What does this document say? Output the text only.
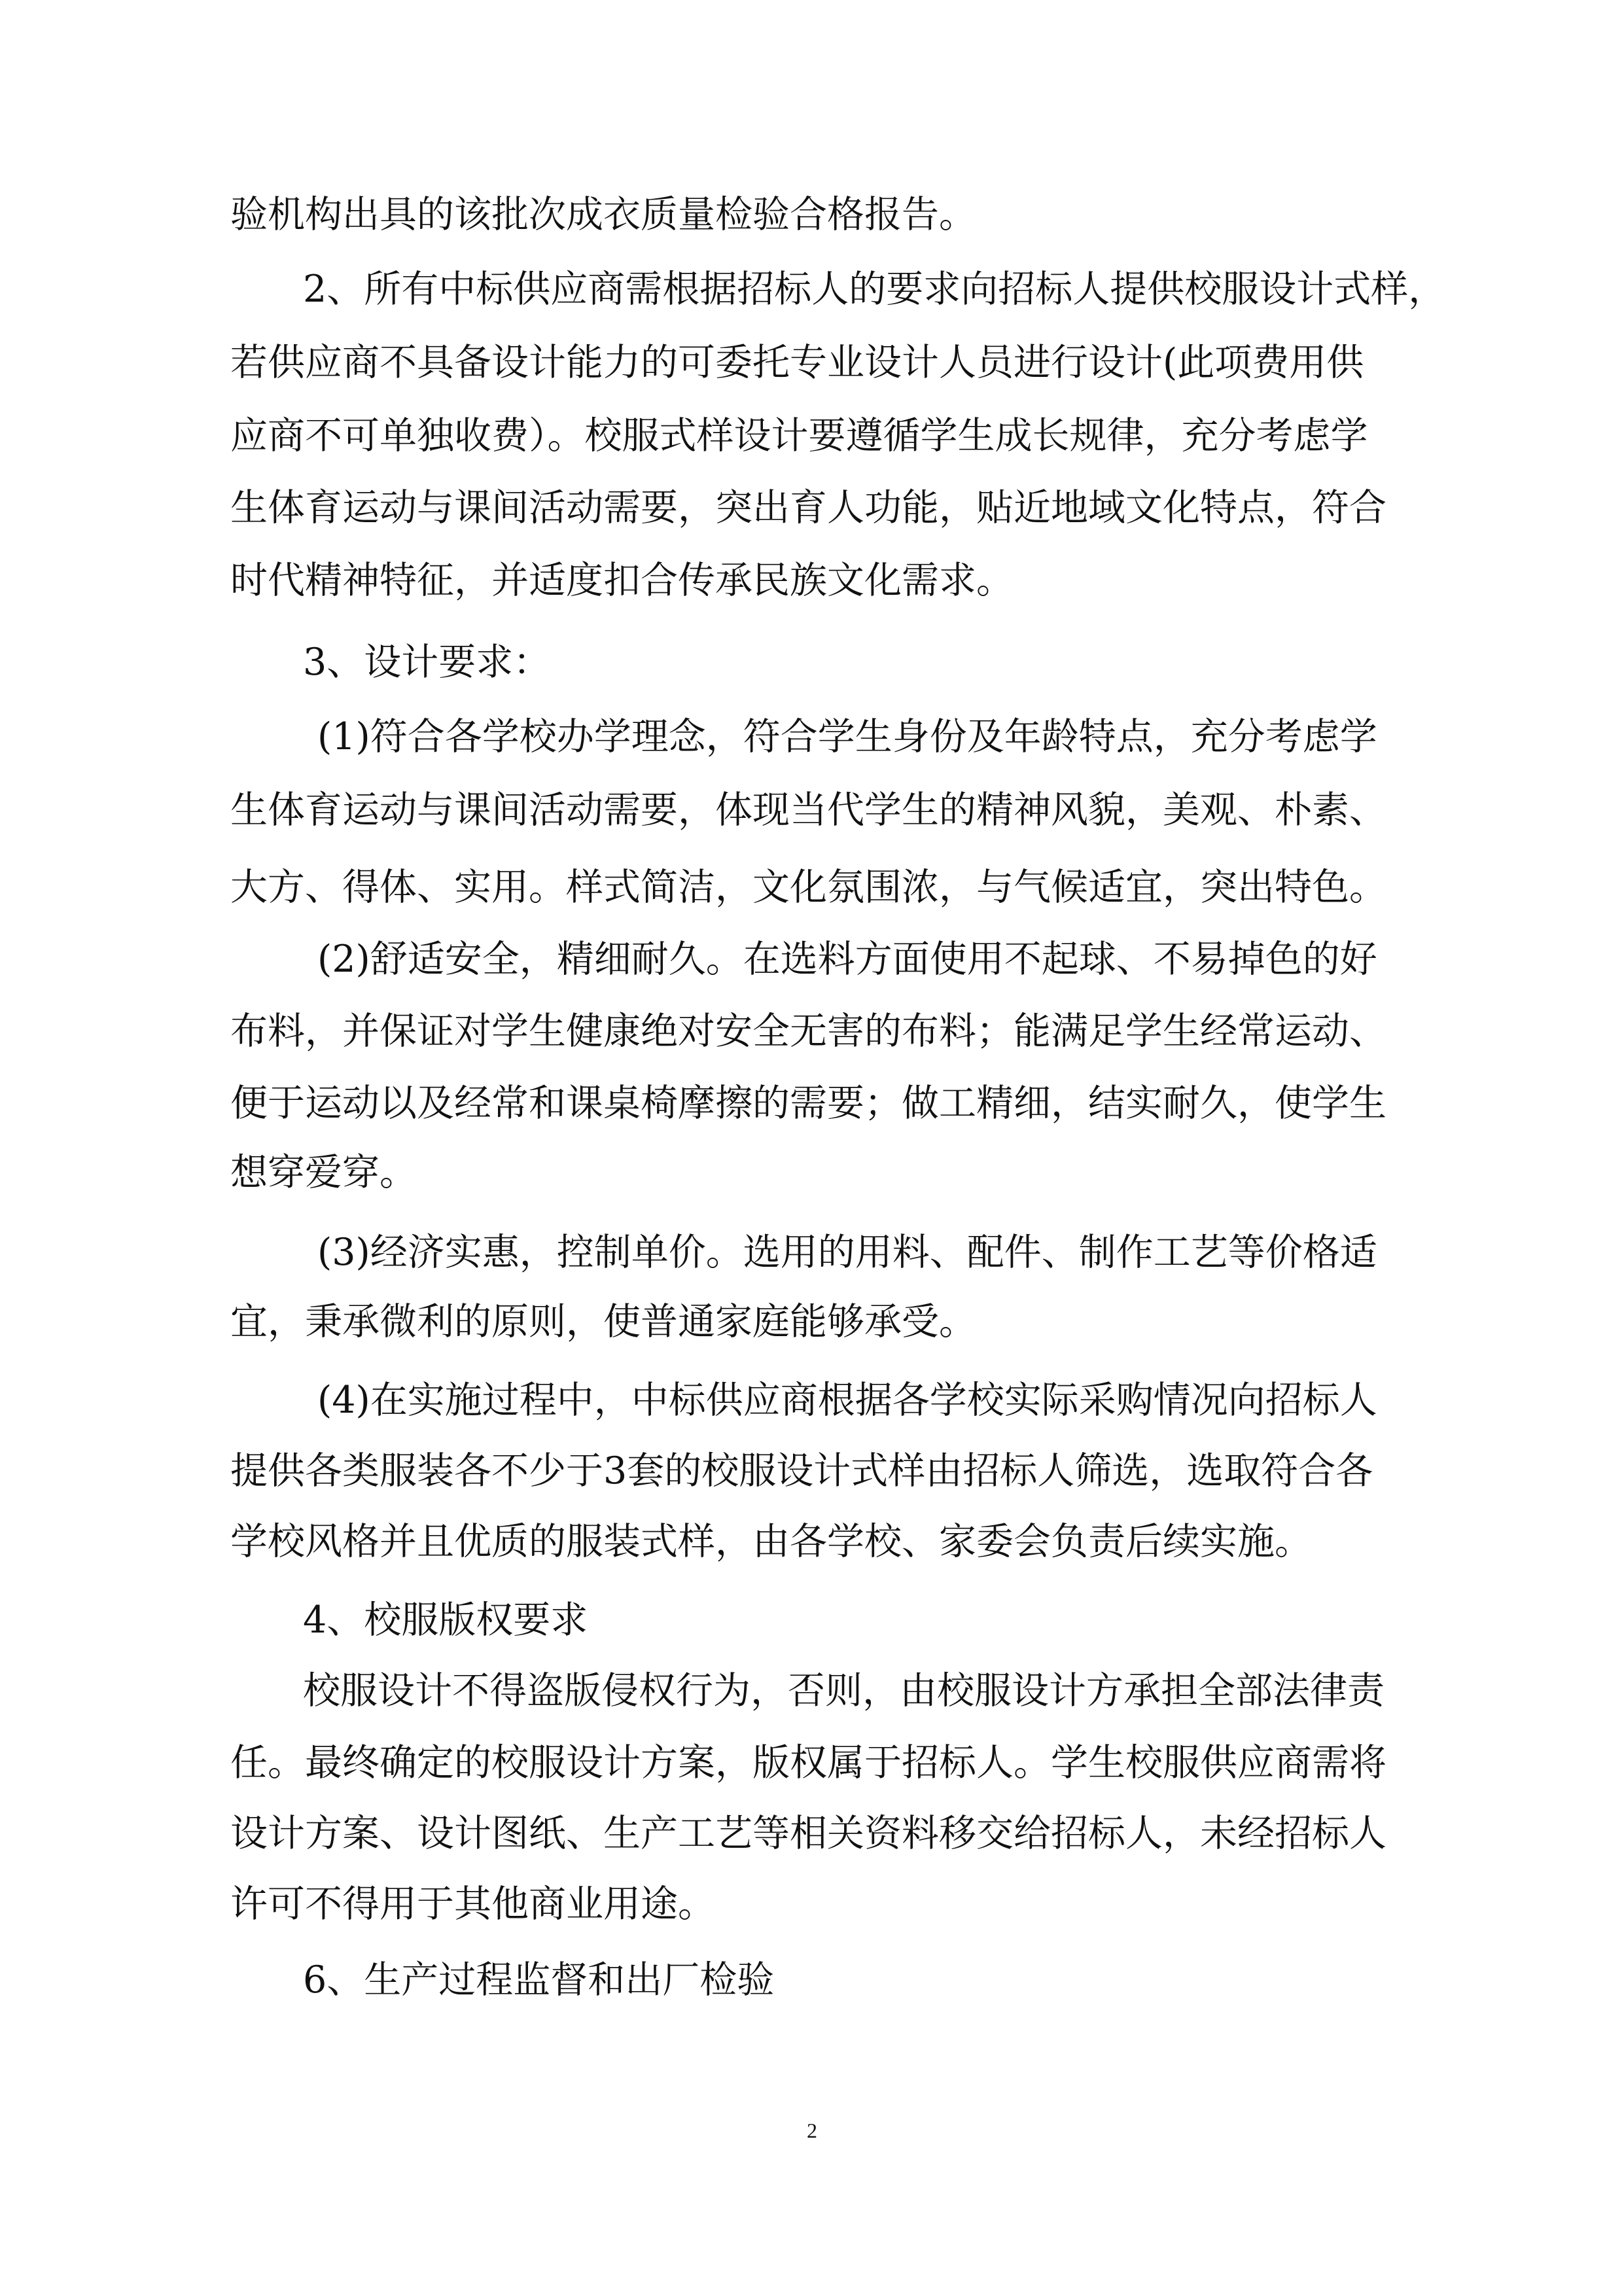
验机构出具的该批次成衣质量检验合格报告。

2、所有中标供应商需根据招标人的要求向招标人提供校服设计式样，

若供应商不具备设计能力的可委托专业设计人员进行设计(此项费用供

应商不可单独收费）。校服式样设计要遵循学生成长规律，充分考虑学

生体育运动与课间活动需要，突出育人功能，贴近地域文化特点，符合

时代精神特征，并适度扣合传承民族文化需求。

3、设计要求：

(1)符合各学校办学理念，符合学生身份及年龄特点，充分考虑学

生体育运动与课间活动需要，体现当代学生的精神风貌，美观、朴素、

大方、得体、实用。样式简洁，文化氛围浓，与气候适宜，突出特色。

(2)舒适安全，精细耐久。在选料方面使用不起球、不易掉色的好

布料，并保证对学生健康绝对安全无害的布料；能满足学生经常运动、

便于运动以及经常和课桌椅摩擦的需要；做工精细，结实耐久，使学生

想穿爱穿。

(3)经济实惠，控制单价。选用的用料、配件、制作工艺等价格适

宜，秉承微利的原则，使普通家庭能够承受。

(4)在实施过程中，中标供应商根据各学校实际采购情况向招标人

提供各类服装各不少于3套的校服设计式样由招标人筛选，选取符合各

学校风格并且优质的服装式样，由各学校、家委会负责后续实施。

4、校服版权要求

校服设计不得盗版侵权行为，否则，由校服设计方承担全部法律责

任。最终确定的校服设计方案，版权属于招标人。学生校服供应商需将

设计方案、设计图纸、生产工艺等相关资料移交给招标人，未经招标人

许可不得用于其他商业用途。

6、生产过程监督和出厂检验

2
